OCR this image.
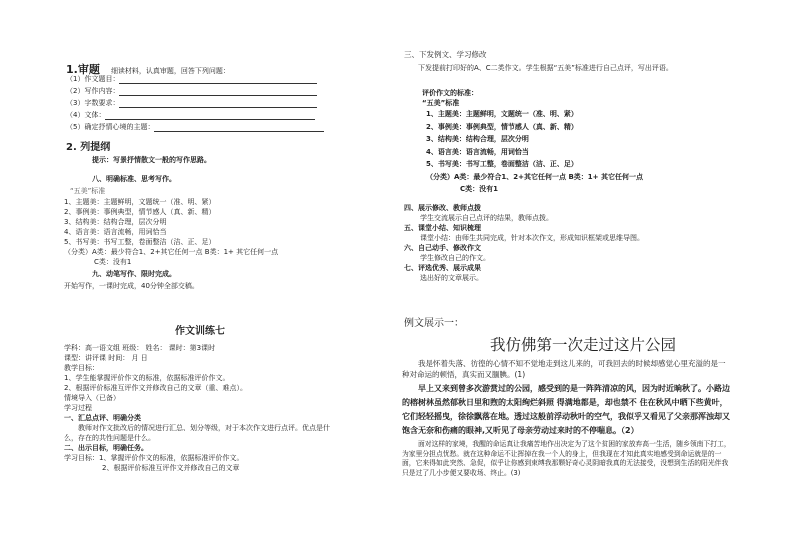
1.审题 细读材料，认真审题，回答下列问题：
（1）作文题目：
（2）写作内容：
（3）字数要求：
（4）文体：
（5）确定抒情心境的主题：
2. 列提纲
提示：写景抒情散文一般的写作思路。
八、明确标准、思考写作。
“五美”标准
1、主题美：主题鲜明，文题统一（准、明、紧）
2、事例美：事例典型，情节感人（真、新、精）
3、结构美：结构合理，层次分明
4、语言美：语言流畅，用词恰当
5、书写美：书写工整，卷面整洁（洁、正、足）
（分类）A类：最少符合1、2+其它任何一点 B类：1+ 其它任何一点
C类：没有1
九、动笔写作、限时完成。
开始写作，一课时完成，40分钟全部交稿。
作文训练七
学科：高一语文组 班级： 姓名： 课时：第3课时
课型：讲评课 时间： 月 日
教学目标：
1、学生能掌握评价作文的标准，依据标准评价作文。
2、根据评价标准互评作文并修改自己的文章（重、难点）。
情境导入（已备）
学习过程
一、汇总点评、明确分类
教师对作文批改后的情况进行汇总、划分等级，对于本次作文进行点评。优点是什么，存在的共性问题是什么。
二、出示目标，明确任务。
学习目标：1、掌握评价作文的标准，依据标准评价作文。
2、根据评价标准互评作文并修改自己的文章
三、下发例文、学习修改
下发提前打印好的A、C二类作文。学生根据“五美”标准进行自己点评，写出评语。
评价作文的标准：
“五美”标准
1、主题美：主题鲜明，文题统一（准、明、紧）
2、事例美：事例典型，情节感人（真、新、精）
3、结构美：结构合理，层次分明
4、语言美：语言流畅，用词恰当
5、书写美：书写工整，卷面整洁（洁、正、足）
（分类）A类：最少符合1、2+其它任何一点 B类：1+ 其它任何一点
C类：没有1
四、展示修改、教师点拨
学生交流展示自己点评的结果，教师点拨。
五、课堂小结、知识梳理
课堂小结：由师生共同完成，针对本次作文，形成知识框架或思维导图。
六、自己动手、修改作文
学生修改自己的作文。
七、评选优秀、展示成果
选出好的文章展示。
例文展示一：
我仿佛第一次走过这片公园
我是怀着失落、彷徨的心情不知不觉地走到这儿来的，可我回去的时候却感觉心里充溢的是一种对命运的顿悟，真实而又腼腆。(1)
早上又来到曾多次游赏过的公园，感受到的是一阵阵清凉的风，因为时近晌秋了。小路边的榕树林虽然郁秋日里和煦的太阳绚烂斜照 得满地都是，却也禁不 住在秋风中晒下些黄叶，它们轻轻摇曳，徐徐飘落在地。透过这般前浮动秋叶的空气，我似乎又看见了父亲那浑浊却又饱含无奈和伤痛的眼神,又听见了母亲劳动过来时的不停喘息。（2）
面对这样的家境，我醒的命运真让我痛苦地作出决定为了这个贫困的家放弃高一生活，随乡领南下打工，为家里分担点忧愁。就在这种命运不让挥掉在我一个人的身上，但我现在才知此真实地感受到命运就是的一面，它来得如此突然、急促，似乎让你感到束缚我那颗好奇心灵阴暗我真的无法接受，没想到生活的阳光伴我只是过了几小步便又要收场、终止。(3)
